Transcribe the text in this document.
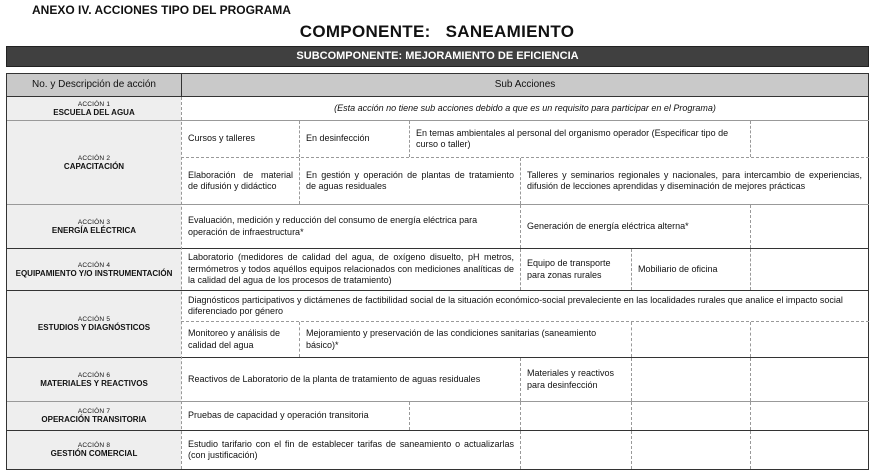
ANEXO IV. ACCIONES TIPO DEL PROGRAMA
COMPONENTE:   SANEAMIENTO
SUBCOMPONENTE: MEJORAMIENTO DE EFICIENCIA
No. y Descripción de acción	Sub Acciones
ACCIÓN 1
ESCUELA DEL AGUA
ACCIÓN 2
CAPACITACIÓN
ACCIÓN 3
ENERGÍA ELÉCTRICA
ACCIÓN 4
EQUIPAMIENTO Y/O INSTRUMENTACIÓN
ACCIÓN 5
ESTUDIOS Y DIAGNÓSTICOS
ACCIÓN 6
MATERIALES Y REACTIVOS
ACCIÓN 7
OPERACIÓN TRANSITORIA
ACCIÓN 8
GESTIÓN COMERCIAL
(Esta acción no tiene sub acciones debido a que es un requisito para participar en el Programa)
Cursos y talleres	En desinfección
En temas ambientales al personal del organismo operador (Especificar tipo de curso o taller)
Elaboración de material de difusión y didáctico
En gestión y operación de plantas de tratamiento de aguas residuales
Talleres y seminarios regionales y nacionales, para intercambio de experiencias, difusión de lecciones aprendidas y diseminación de mejores prácticas
Evaluación, medición y reducción del consumo de energía eléctrica para operación de infraestructura*
Generación de energía eléctrica alterna*
Laboratorio (medidores de calidad del agua, de oxígeno disuelto, pH metros, termómetros y todos aquéllos equipos relacionados con mediciones analíticas de la calidad del agua de los procesos de tratamiento)
Equipo de transporte para zonas rurales
Mobiliario de oficina
Diagnósticos participativos y dictámenes de factibilidad social de la situación económico-social prevaleciente en las localidades rurales que analice el impacto social diferenciado por género
Monitoreo y análisis de calidad del agua
Mejoramiento y preservación de las condiciones sanitarias (saneamiento básico)*
Reactivos de Laboratorio de la planta de tratamiento de aguas residuales
Materiales y reactivos para desinfección
Pruebas de capacidad y operación transitoria
Estudio tarifario con el fin de establecer tarifas de saneamiento o actualizarlas (con justificación)
